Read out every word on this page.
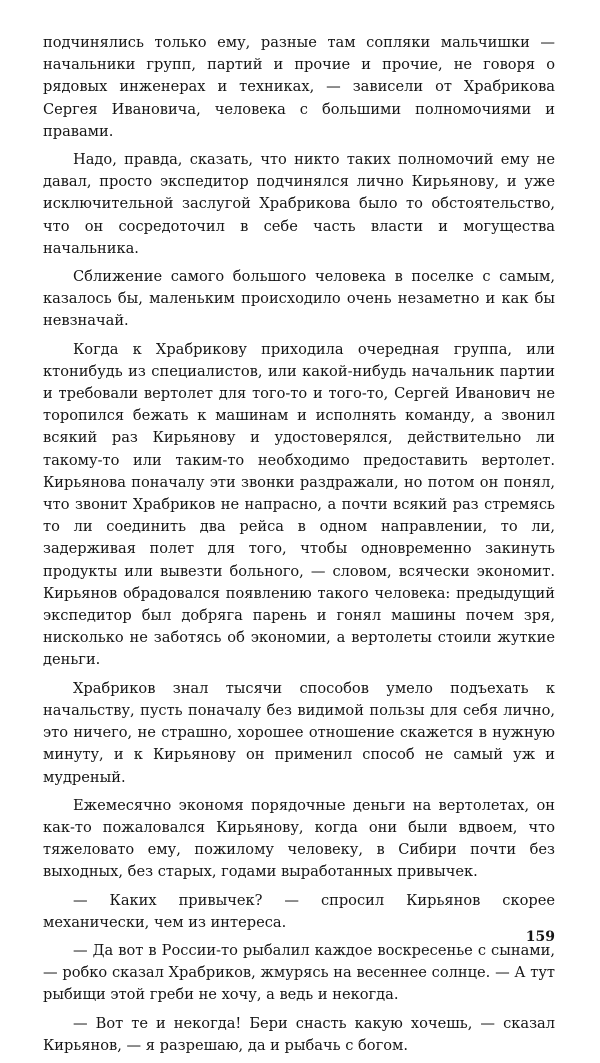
подчинялись только ему, разные там сопляки мальчишки — начальники групп, партий и прочие и прочие, не говоря о рядовых инженерах и техниках, — зависели от Храбрикова Сергея Ивановича, человека с большими полномочиями и правами.

Надо, правда, сказать, что никто таких полномочий ему не давал, просто экспедитор подчинялся лично Кирьянову, и уже исключительной заслугой Храбрикова было то обстоятельство, что он сосредоточил в себе часть власти и могущества начальника.

Сближение самого большого человека в поселке с самым, казалось бы, маленьким происходило очень незаметно и как бы невзначай.

Когда к Храбрикову приходила очередная группа, или ктонибудь из специалистов, или какой-нибудь начальник партии и требовали вертолет для того-то и того-то, Сергей Иванович не торопился бежать к машинам и исполнять команду, а звонил всякий раз Кирьянову и удостоверялся, действительно ли такому-то или таким-то необходимо предоставить вертолет. Кирьянова поначалу эти звонки раздражали, но потом он понял, что звонит Храбриков не напрасно, а почти всякий раз стремясь то ли соединить два рейса в одном направлении, то ли, задерживая полет для того, чтобы одновременно закинуть продукты или вывезти больного, — словом, всячески экономит. Кирьянов обрадовался появлению такого человека: предыдущий экспедитор был добряга парень и гонял машины почем зря, нисколько не заботясь об экономии, а вертолеты стоили жуткие деньги.

Храбриков знал тысячи способов умело подъехать к начальству, пусть поначалу без видимой пользы для себя лично, это ничего, не страшно, хорошее отношение скажется в нужную минуту, и к Кирьянову он применил способ не самый уж и мудреный.

Ежемесячно экономя порядочные деньги на вертолетах, он как-то пожаловался Кирьянову, когда они были вдвоем, что тяжеловато ему, пожилому человеку, в Сибири почти без выходных, без старых, годами выработанных привычек.

— Каких привычек? — спросил Кирьянов скорее механически, чем из интереса.

— Да вот в России-то рыбалил каждое воскресенье с сынами, — робко сказал Храбриков, жмурясь на весеннее солнце. — А тут рыбищи этой греби не хочу, а ведь и некогда.

— Вот те и некогда! Бери снасть какую хочешь, — сказал Кирьянов, — я разрешаю, да и рыбачь с богом.

159
